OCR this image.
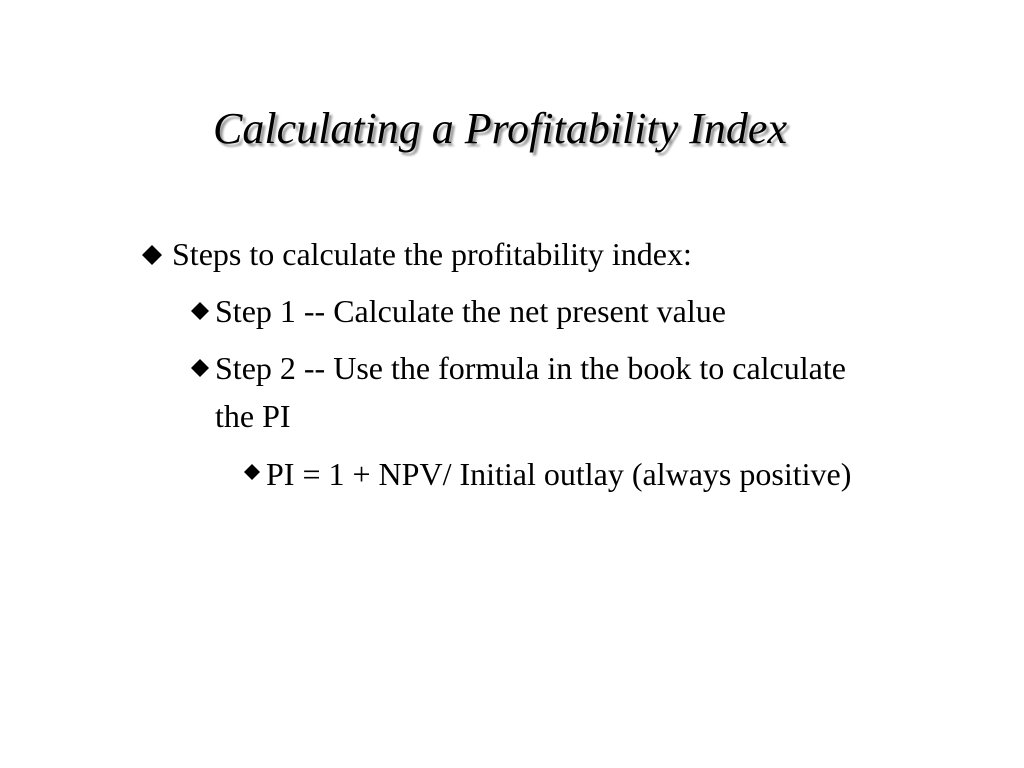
Calculating a Profitability Index
Steps to calculate the profitability index:
Step 1 -- Calculate the net present value
Step 2 -- Use the formula in the book to calculate the PI
PI = 1 + NPV/ Initial outlay (always positive)
